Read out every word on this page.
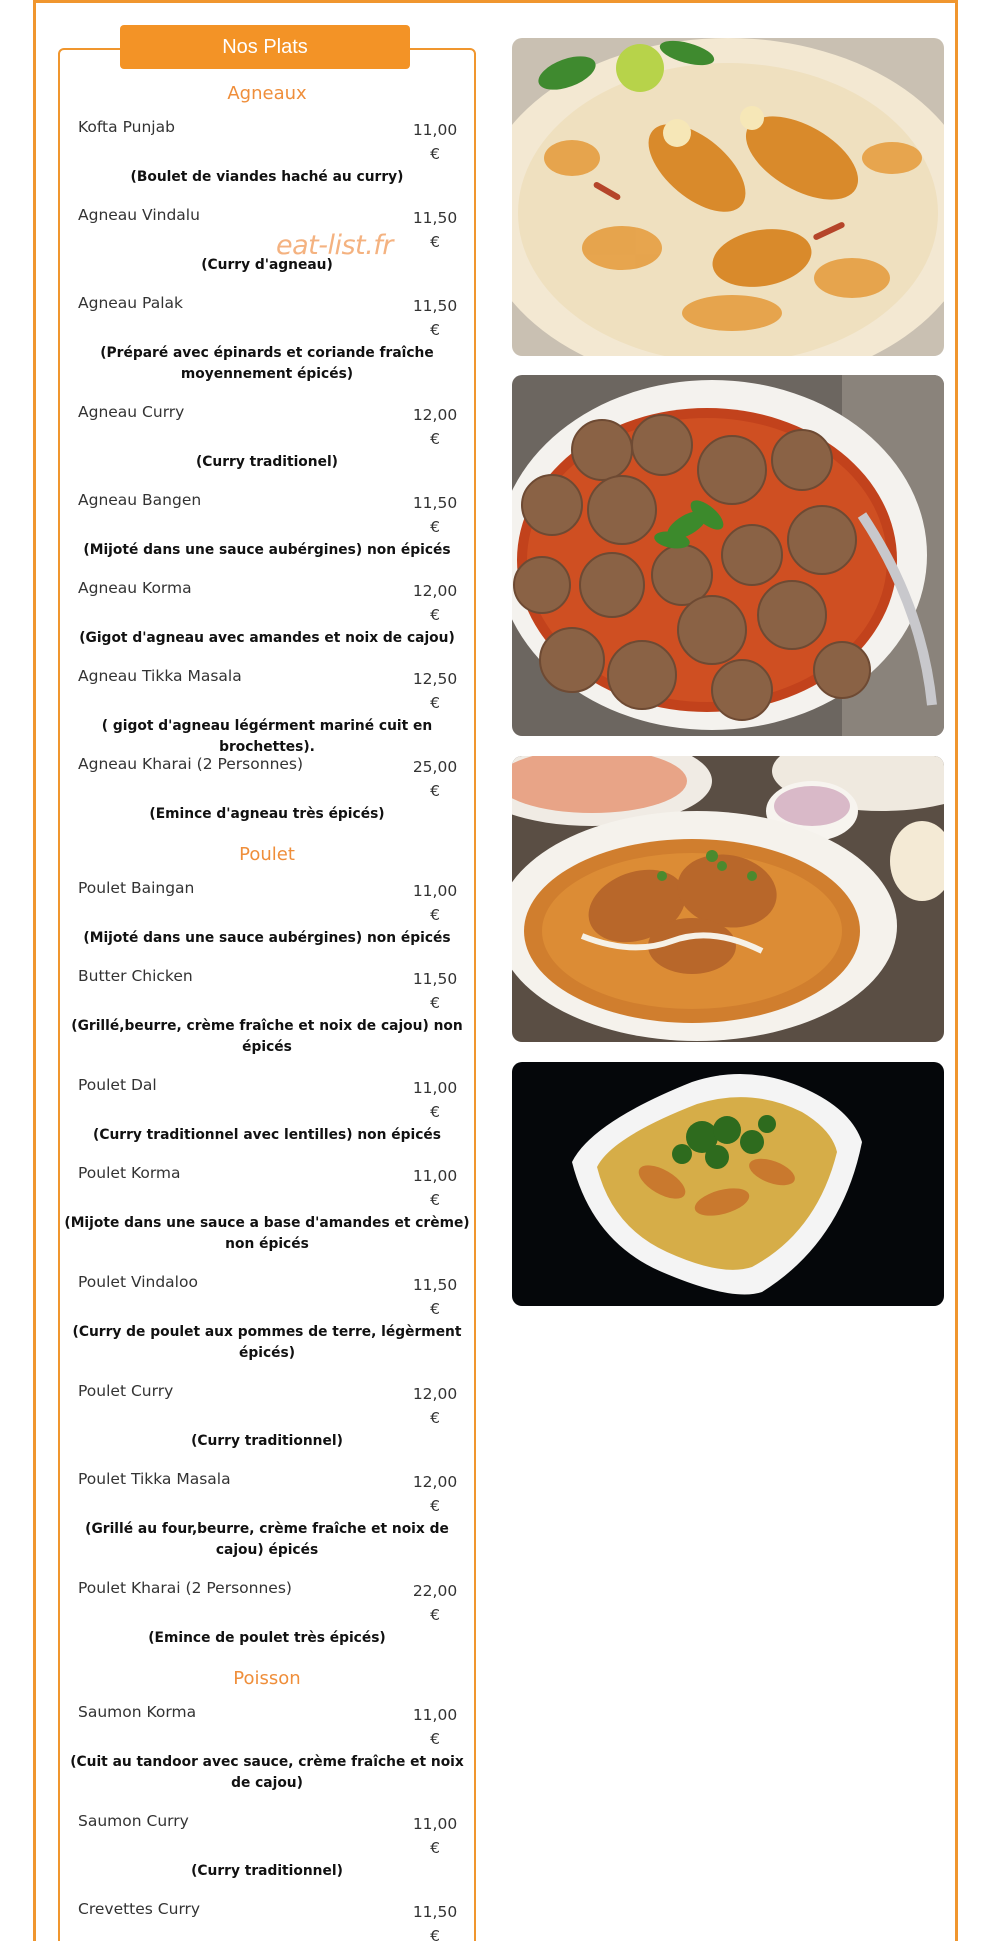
Nos Plats
eat-list.fr
Agneaux
Kofta Punjab	11,00
€
(Boulet de viandes haché au curry)
Agneau Vindalu	11,50
€
(Curry d'agneau)
Agneau Palak	11,50
€
(Préparé avec épinards et coriande fraîche moyennement épicés)
Agneau Curry	12,00
€
(Curry traditionel)
Agneau Bangen	11,50
€
(Mijoté dans une sauce aubérgines) non épicés
Agneau Korma	12,00
€
(Gigot d'agneau avec amandes et noix de cajou)
Agneau Tikka Masala	12,50
€
( gigot d'agneau légérment mariné cuit en brochettes).
Agneau Kharai (2 Personnes)	25,00
€
(Emince d'agneau très épicés)
Poulet
Poulet Baingan	11,00
€
(Mijoté dans une sauce aubérgines) non épicés
Butter Chicken	11,50
€
(Grillé,beurre, crème fraîche et noix de cajou) non épicés
Poulet Dal	11,00
€
(Curry traditionnel avec lentilles) non épicés
Poulet Korma	11,00
€
(Mijote dans une sauce a base d'amandes et crème) non épicés
Poulet Vindaloo	11,50
€
(Curry de poulet aux pommes de terre, légèrment épicés)
Poulet Curry	12,00
€
(Curry traditionnel)
Poulet Tikka Masala	12,00
€
(Grillé au four,beurre, crème fraîche et noix de cajou) épicés
Poulet Kharai (2 Personnes)	22,00
€
(Emince de poulet très épicés)
Poisson
Saumon Korma	11,00
€
(Cuit au tandoor avec sauce, crème fraîche et noix de cajou)
Saumon Curry	11,00
€
(Curry traditionnel)
Crevettes Curry	11,50
€
